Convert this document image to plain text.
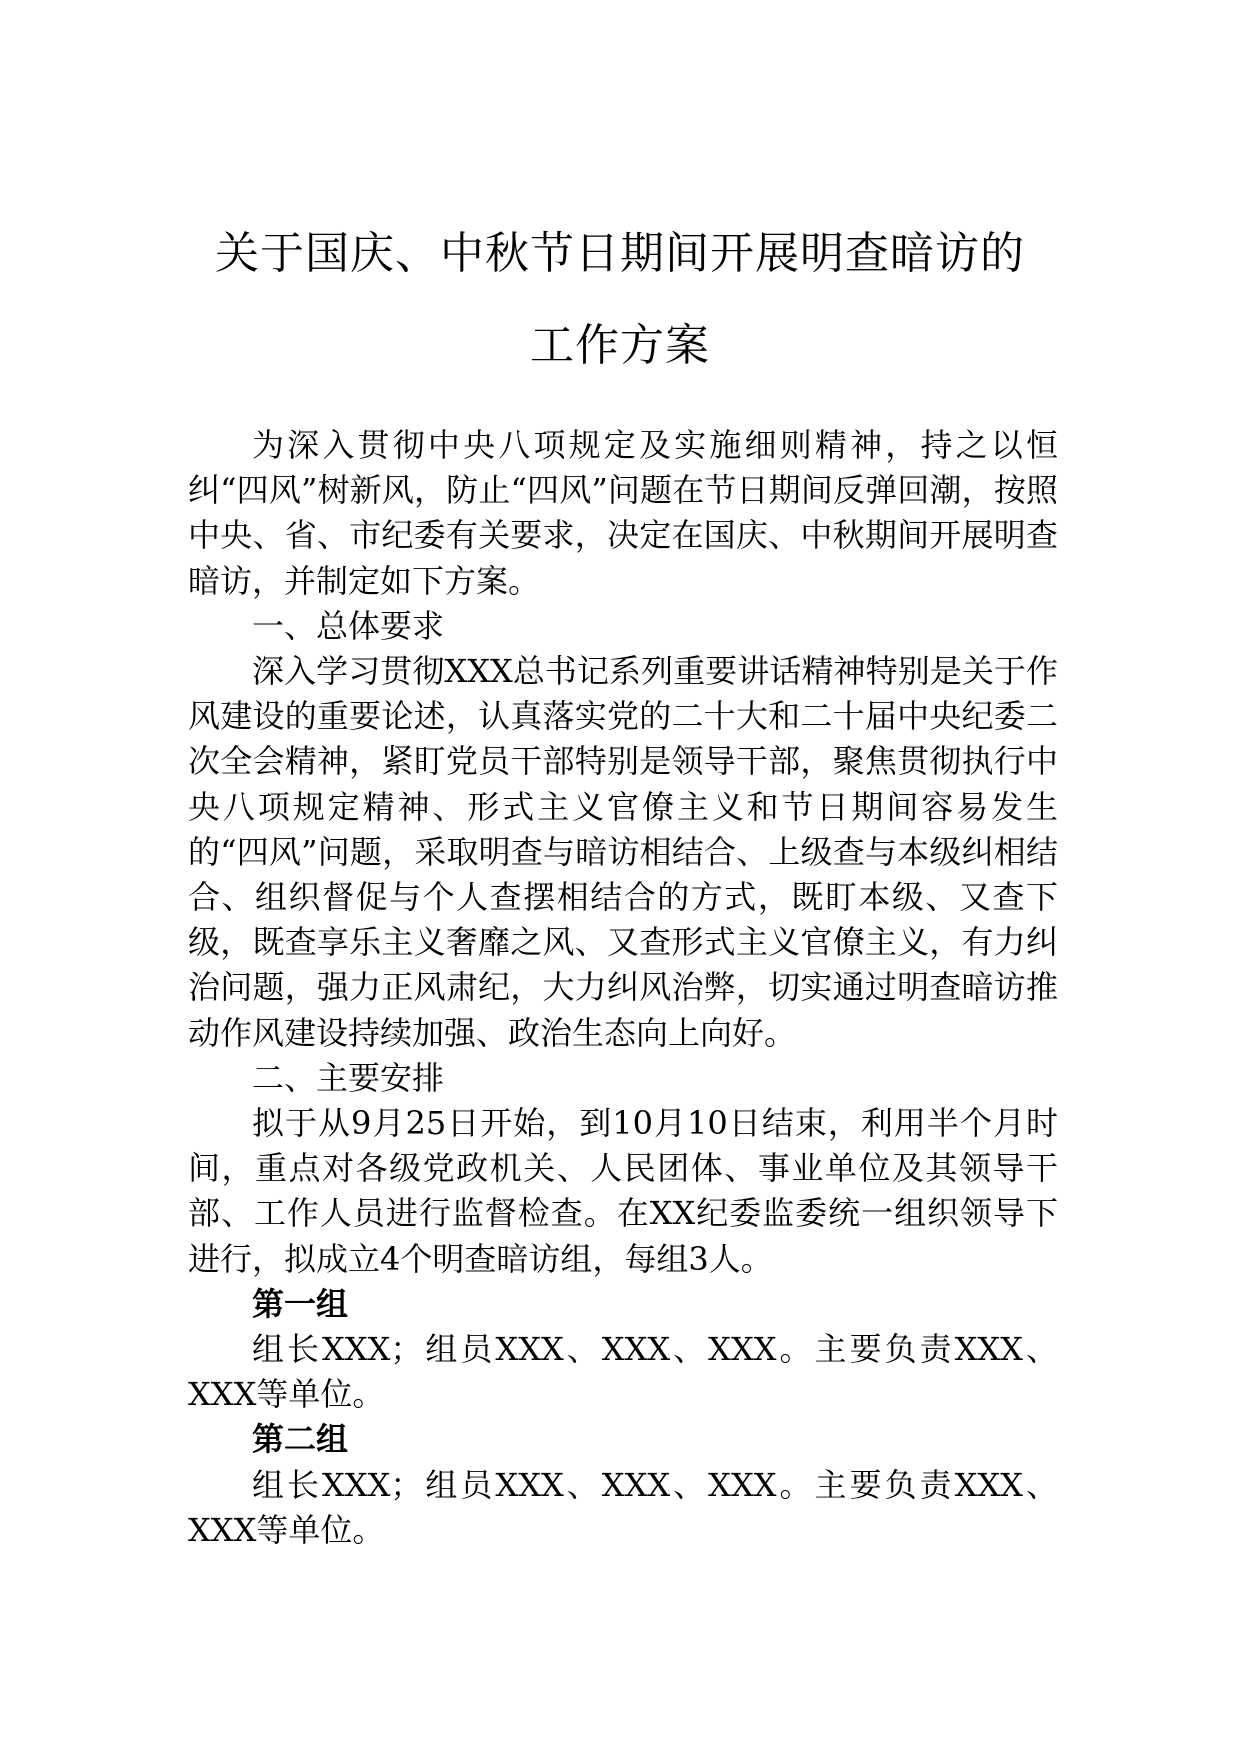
关于国庆、中秋节日期间开展明查暗访的
工作方案

为深入贯彻中央八项规定及实施细则精神，持之以恒纠“四风”树新风，防止“四风”问题在节日期间反弹回潮，按照中央、省、市纪委有关要求，决定在国庆、中秋期间开展明查暗访，并制定如下方案。

一、总体要求

深入学习贯彻XXX总书记系列重要讲话精神特别是关于作风建设的重要论述，认真落实党的二十大和二十届中央纪委二次全会精神，紧盯党员干部特别是领导干部，聚焦贯彻执行中央八项规定精神、形式主义官僚主义和节日期间容易发生的“四风”问题，采取明查与暗访相结合、上级查与本级纠相结合、组织督促与个人查摆相结合的方式，既盯本级、又查下级，既查享乐主义奢靡之风、又查形式主义官僚主义，有力纠治问题，强力正风肃纪，大力纠风治弊，切实通过明查暗访推动作风建设持续加强、政治生态向上向好。

二、主要安排

拟于从9月25日开始，到10月10日结束，利用半个月时间，重点对各级党政机关、人民团体、事业单位及其领导干部、工作人员进行监督检查。在XX纪委监委统一组织领导下进行，拟成立4个明查暗访组，每组3人。

第一组

组长XXX；组员XXX、XXX、XXX。主要负责XXX、XXX等单位。

第二组

组长XXX；组员XXX、XXX、XXX。主要负责XXX、XXX等单位。
